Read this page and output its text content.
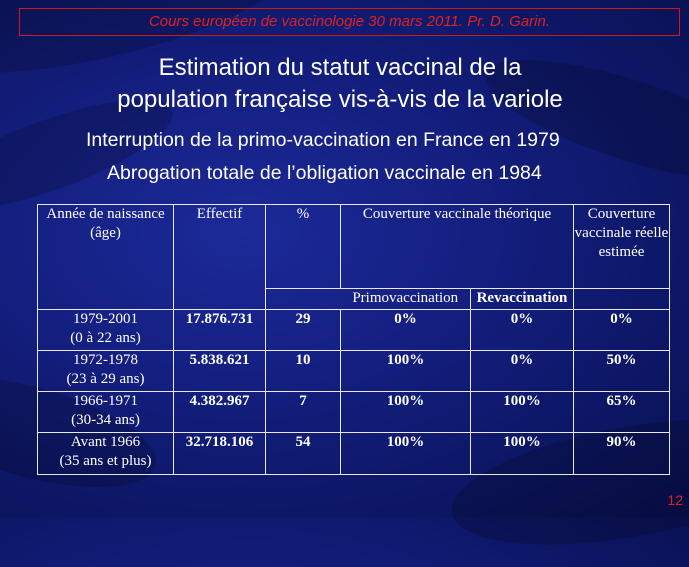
Cours européen de vaccinologie 30 mars 2011. Pr. D. Garin.
Estimation du statut vaccinal de la
population française vis-à-vis de la variole
Interruption de la primo-vaccination en France en 1979
Abrogation totale de l’obligation vaccinale en 1984
Année de naissance (âge)	Effectif	%	Couverture vaccinale théorique		Couverture vaccinale réelle estimée
			Primovaccination	Revaccination	
1979-2001
(0 à 22 ans)	17.876.731	29	0%	0%	0%
1972-1978
(23 à 29 ans)	5.838.621	10	100%	0%	50%
1966-1971
(30-34 ans)	4.382.967	7	100%	100%	65%
Avant 1966
(35 ans et plus)	32.718.106	54	100%	100%	90%
12
